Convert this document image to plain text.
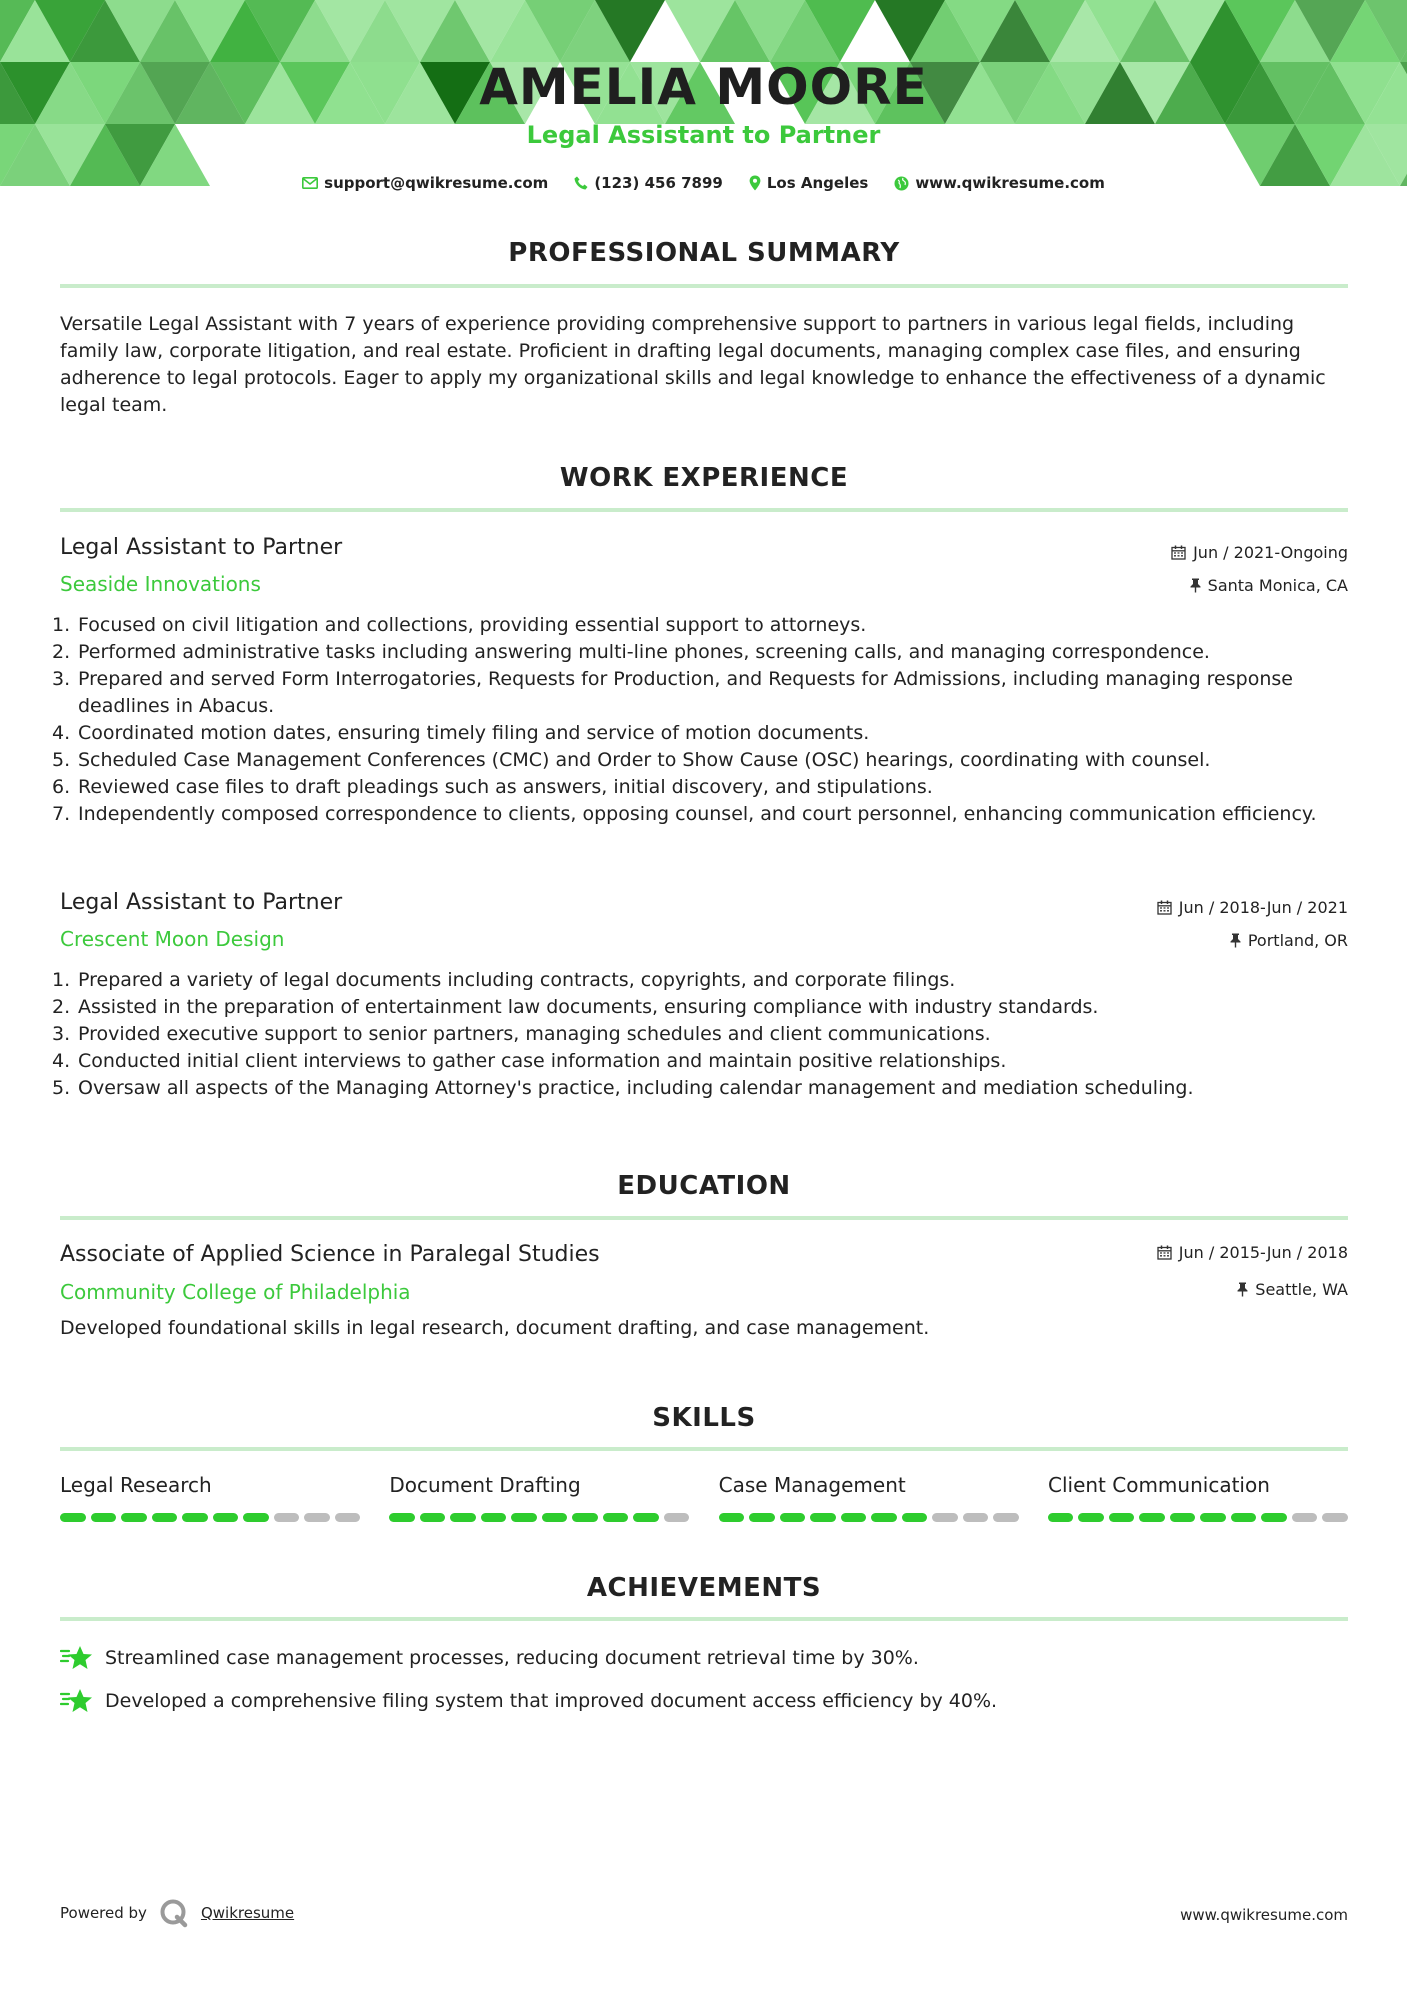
AMELIA MOORE
Legal Assistant to Partner
support@qwikresume.com	(123) 456 7899	Los Angeles	www.qwikresume.com
PROFESSIONAL SUMMARY
Versatile Legal Assistant with 7 years of experience providing comprehensive support to partners in various legal fields, including family law, corporate litigation, and real estate. Proficient in drafting legal documents, managing complex case files, and ensuring adherence to legal protocols. Eager to apply my organizational skills and legal knowledge to enhance the effectiveness of a dynamic legal team.
WORK EXPERIENCE
Legal Assistant to Partner	Jun / 2021-Ongoing
Seaside Innovations	Santa Monica, CA
Focused on civil litigation and collections, providing essential support to attorneys.
Performed administrative tasks including answering multi-line phones, screening calls, and managing correspondence.
Prepared and served Form Interrogatories, Requests for Production, and Requests for Admissions, including managing response deadlines in Abacus.
Coordinated motion dates, ensuring timely filing and service of motion documents.
Scheduled Case Management Conferences (CMC) and Order to Show Cause (OSC) hearings, coordinating with counsel.
Reviewed case files to draft pleadings such as answers, initial discovery, and stipulations.
Independently composed correspondence to clients, opposing counsel, and court personnel, enhancing communication efficiency.
Legal Assistant to Partner	Jun / 2018-Jun / 2021
Crescent Moon Design	Portland, OR
Prepared a variety of legal documents including contracts, copyrights, and corporate filings.
Assisted in the preparation of entertainment law documents, ensuring compliance with industry standards.
Provided executive support to senior partners, managing schedules and client communications.
Conducted initial client interviews to gather case information and maintain positive relationships.
Oversaw all aspects of the Managing Attorney's practice, including calendar management and mediation scheduling.
EDUCATION
Associate of Applied Science in Paralegal Studies	Jun / 2015-Jun / 2018
Community College of Philadelphia	Seattle, WA
Developed foundational skills in legal research, document drafting, and case management.
SKILLS
Legal Research	Document Drafting	Case Management	Client Communication
ACHIEVEMENTS
Streamlined case management processes, reducing document retrieval time by 30%.
Developed a comprehensive filing system that improved document access efficiency by 40%.
Powered by	Qwikresume	www.qwikresume.com
